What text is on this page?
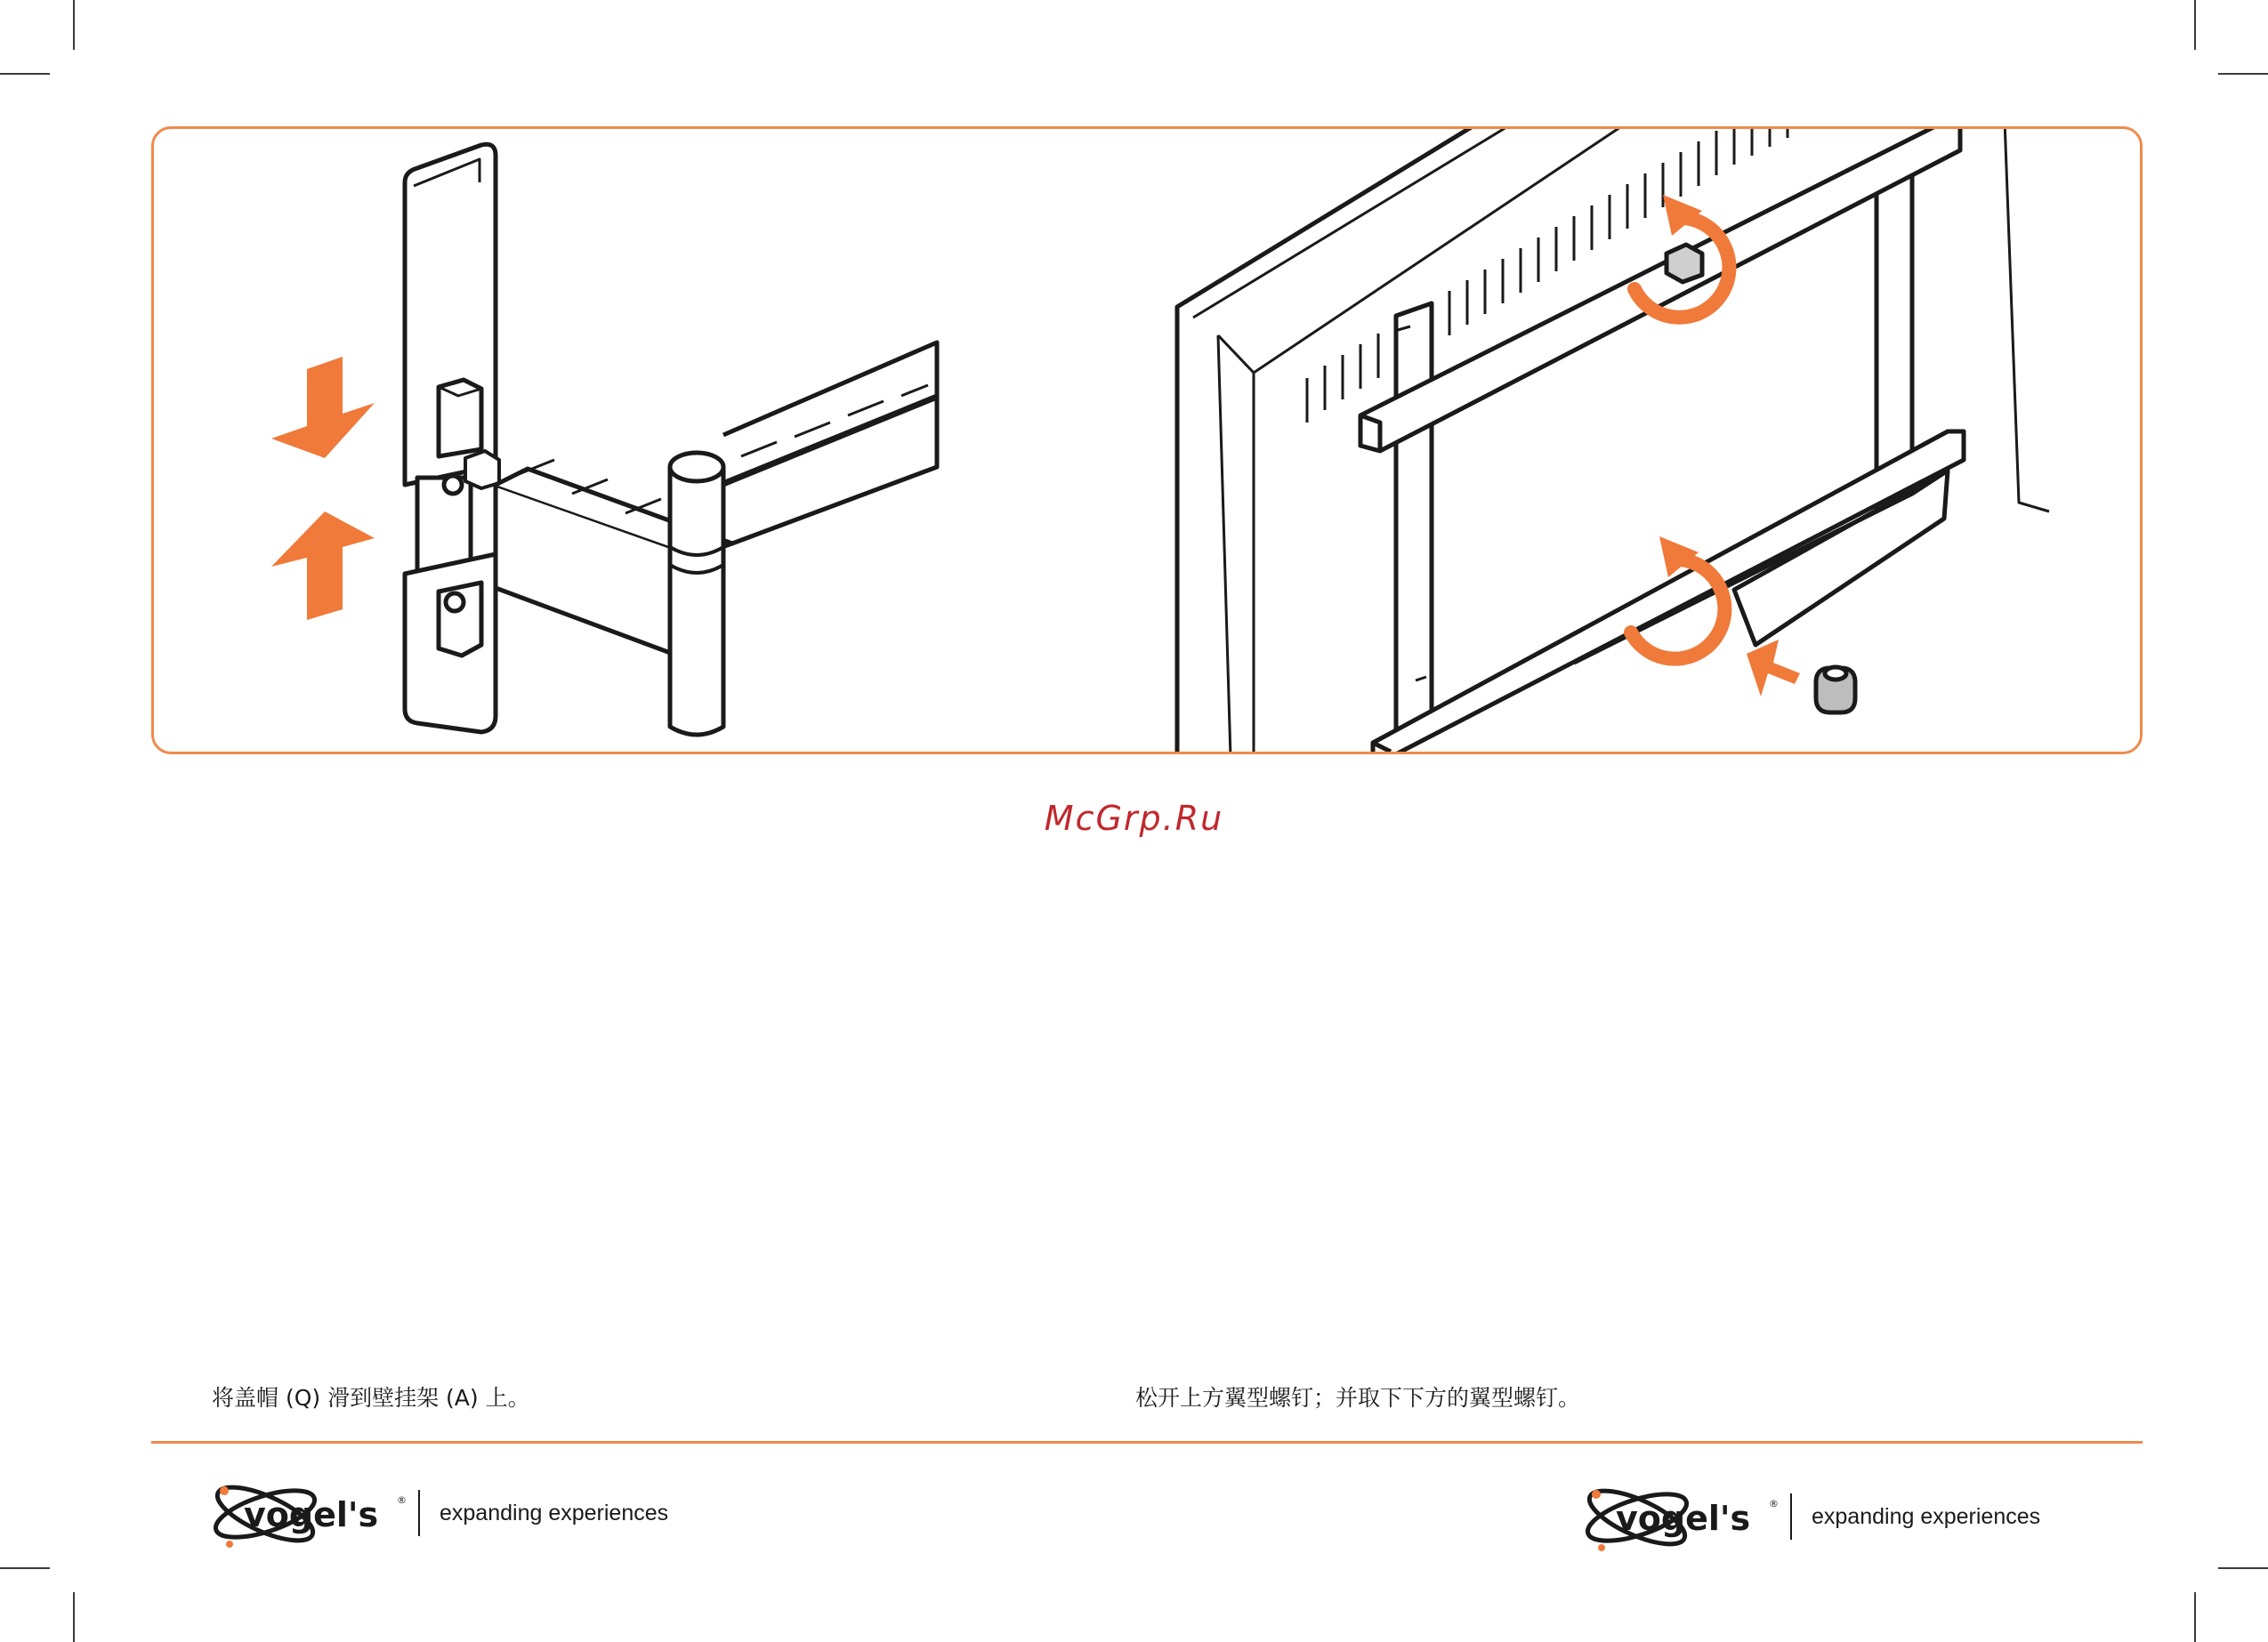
McGrp.Ru
将盖帽 (Q) 滑到壁挂架 (A) 上。	松开上方翼型螺钉；并取下下方的翼型螺钉。
vogel's ® expanding experiences	vogel's ® expanding experiences
